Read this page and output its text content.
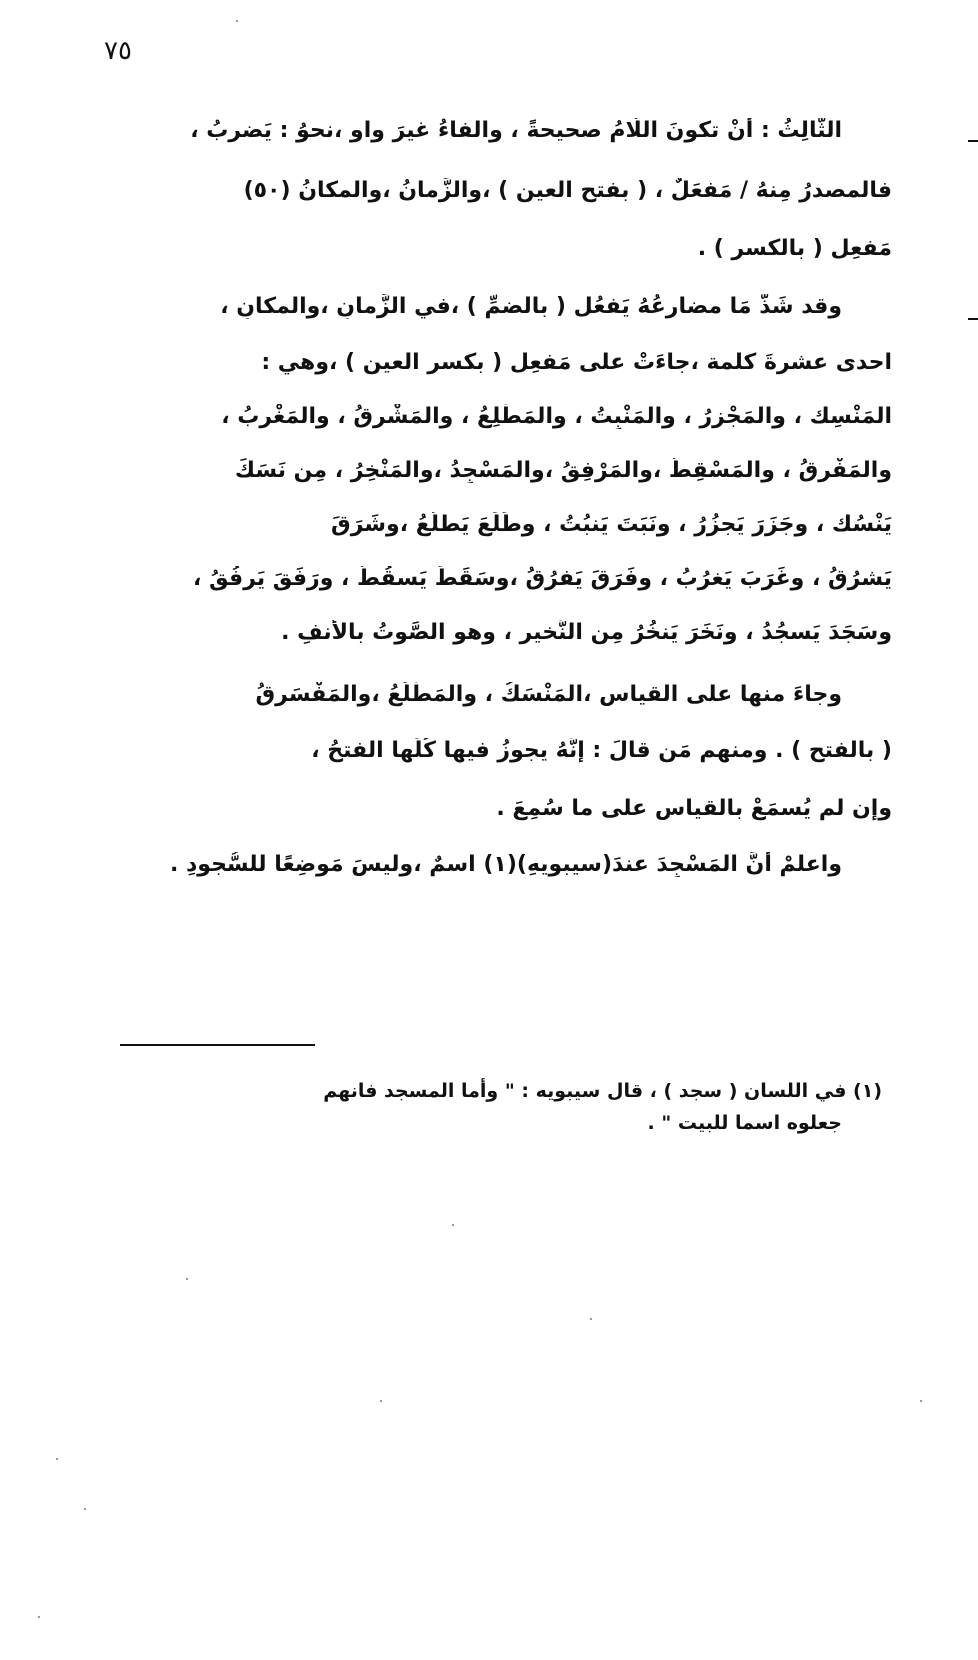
٧٥
الثَّالِثُ : أَنْ تكونَ اللَّامُ صحيحةً ، والفاءُ غيرَ واوٍ ،نحوُ : يَضرِبُ ،
فالمصدرُ مِنهُ / مَفعَلٌ ، ( بفتحِ العينِ ) ،والزَّمانُ ،والمكانُ (٥٠)
مَفعِل ( بالكسرِ ) .
وقد شَذَّ مَا مضارِعُهُ يَفعُل ( بالضمِّ ) ،في الزَّمانِ ،والمكانِ ،
احدى عشرةَ كلمة ،جاءَتْ على مَفعِل ( بكسرِ العينِ ) ،وهي :
المَنْسِك ، والمَجْزِرُ ، والمَنْبِتُ ، والمَطْلِعُ ، والمَشْرِقُ ، والمَغْرِبُ ،
والمَفْرِقُ ، والمَسْقِطُ ،والمَرْفِقُ ،والمَسْجِدُ ،والمَنْخِرُ ، مِن نَسَكَ
يَنْسُك ، وجَزَرَ يَجزُرُ ، ونَبَتَ يَنبُتُ ، وطَلَعَ يَطلُعُ ،وشَرَقَ
يَشرُقُ ، وغَرَبَ يَغرُبُ ، وفَرَقَ يَفرُقُ ،وسَقَطَ يَسقُطُ ، ورَفَقَ يَرفُقُ ،
وسَجَدَ يَسجُدُ ، ونَخَرَ يَنخُرُ مِن النَّخيرِ ، وهو الصَّوتُ بالأَنفِ .
وجاءَ منها على القياسِ ،المَنْسَكُ ، والمَطْلَعُ ،والمَفْسَرقُ
( بالفتحِ ) . ومنهم مَن قالَ : إنَّهُ يجوزُ فيها كُلِّها الفتحُ ،
وإن لم يُسمَعْ بالقياسِ على ما سُمِعَ .
واعلمْ أنَّ المَسْجِدَ عندَ(سيبويهِ)(١) اسمٌ ،وليسَ مَوضِعًا للسُّجودِ .
(١) في اللسان ( سجد ) ، قال سيبويه : " وأما المسجد فانهم
جعلوه اسما للبيت " .
